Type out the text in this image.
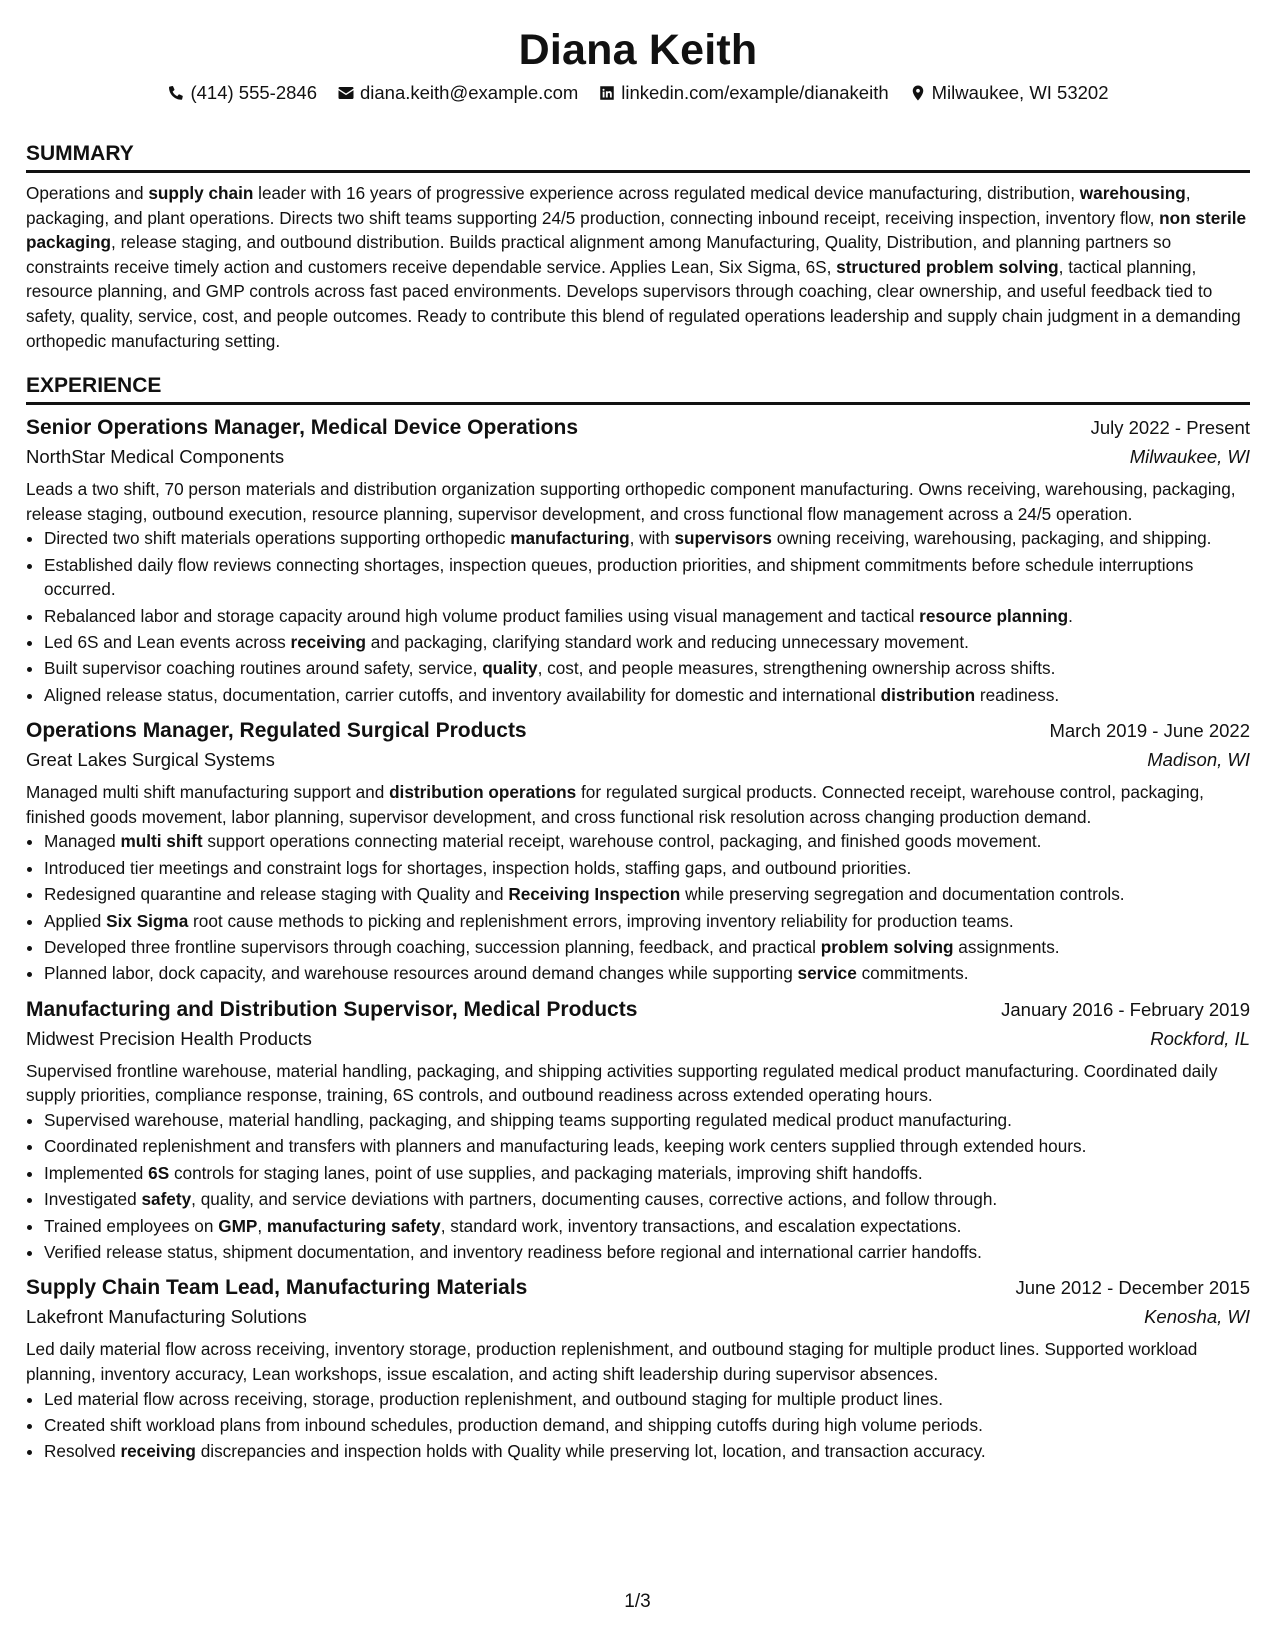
Diana Keith
(414) 555-2846 diana.keith@example.com linkedin.com/example/dianakeith Milwaukee, WI 53202
SUMMARY

Operations and supply chain leader with 16 years of progressive experience across regulated medical device manufacturing, distribution, warehousing, packaging, and plant operations. Directs two shift teams supporting 24/5 production, connecting inbound receipt, receiving inspection, inventory flow, non sterile packaging, release staging, and outbound distribution. Builds practical alignment among Manufacturing, Quality, Distribution, and planning partners so constraints receive timely action and customers receive dependable service. Applies Lean, Six Sigma, 6S, structured problem solving, tactical planning, resource planning, and GMP controls across fast paced environments. Develops supervisors through coaching, clear ownership, and useful feedback tied to safety, quality, service, cost, and people outcomes. Ready to contribute this blend of regulated operations leadership and supply chain judgment in a demanding orthopedic manufacturing setting.

EXPERIENCE
Senior Operations Manager, Medical Device Operations	July 2022 - Present
NorthStar Medical Components	Milwaukee, WI

Leads a two shift, 70 person materials and distribution organization supporting orthopedic component manufacturing. Owns receiving, warehousing, packaging, release staging, outbound execution, resource planning, supervisor development, and cross functional flow management across a 24/5 operation.

• Directed two shift materials operations supporting orthopedic manufacturing, with supervisors owning receiving, warehousing, packaging, and shipping.
• Established daily flow reviews connecting shortages, inspection queues, production priorities, and shipment commitments before schedule interruptions occurred.
• Rebalanced labor and storage capacity around high volume product families using visual management and tactical resource planning.
• Led 6S and Lean events across receiving and packaging, clarifying standard work and reducing unnecessary movement.
• Built supervisor coaching routines around safety, service, quality, cost, and people measures, strengthening ownership across shifts.
• Aligned release status, documentation, carrier cutoffs, and inventory availability for domestic and international distribution readiness.
Operations Manager, Regulated Surgical Products	March 2019 - June 2022
Great Lakes Surgical Systems	Madison, WI

Managed multi shift manufacturing support and distribution operations for regulated surgical products. Connected receipt, warehouse control, packaging, finished goods movement, labor planning, supervisor development, and cross functional risk resolution across changing production demand.

• Managed multi shift support operations connecting material receipt, warehouse control, packaging, and finished goods movement.
• Introduced tier meetings and constraint logs for shortages, inspection holds, staffing gaps, and outbound priorities.
• Redesigned quarantine and release staging with Quality and Receiving Inspection while preserving segregation and documentation controls.
• Applied Six Sigma root cause methods to picking and replenishment errors, improving inventory reliability for production teams.
• Developed three frontline supervisors through coaching, succession planning, feedback, and practical problem solving assignments.
• Planned labor, dock capacity, and warehouse resources around demand changes while supporting service commitments.
Manufacturing and Distribution Supervisor, Medical Products	January 2016 - February 2019
Midwest Precision Health Products	Rockford, IL

Supervised frontline warehouse, material handling, packaging, and shipping activities supporting regulated medical product manufacturing. Coordinated daily supply priorities, compliance response, training, 6S controls, and outbound readiness across extended operating hours.

• Supervised warehouse, material handling, packaging, and shipping teams supporting regulated medical product manufacturing.
• Coordinated replenishment and transfers with planners and manufacturing leads, keeping work centers supplied through extended hours.
• Implemented 6S controls for staging lanes, point of use supplies, and packaging materials, improving shift handoffs.
• Investigated safety, quality, and service deviations with partners, documenting causes, corrective actions, and follow through.
• Trained employees on GMP, manufacturing safety, standard work, inventory transactions, and escalation expectations.
• Verified release status, shipment documentation, and inventory readiness before regional and international carrier handoffs.
Supply Chain Team Lead, Manufacturing Materials	June 2012 - December 2015
Lakefront Manufacturing Solutions	Kenosha, WI

Led daily material flow across receiving, inventory storage, production replenishment, and outbound staging for multiple product lines. Supported workload planning, inventory accuracy, Lean workshops, issue escalation, and acting shift leadership during supervisor absences.

• Led material flow across receiving, storage, production replenishment, and outbound staging for multiple product lines.
• Created shift workload plans from inbound schedules, production demand, and shipping cutoffs during high volume periods.
• Resolved receiving discrepancies and inspection holds with Quality while preserving lot, location, and transaction accuracy.
1/3
